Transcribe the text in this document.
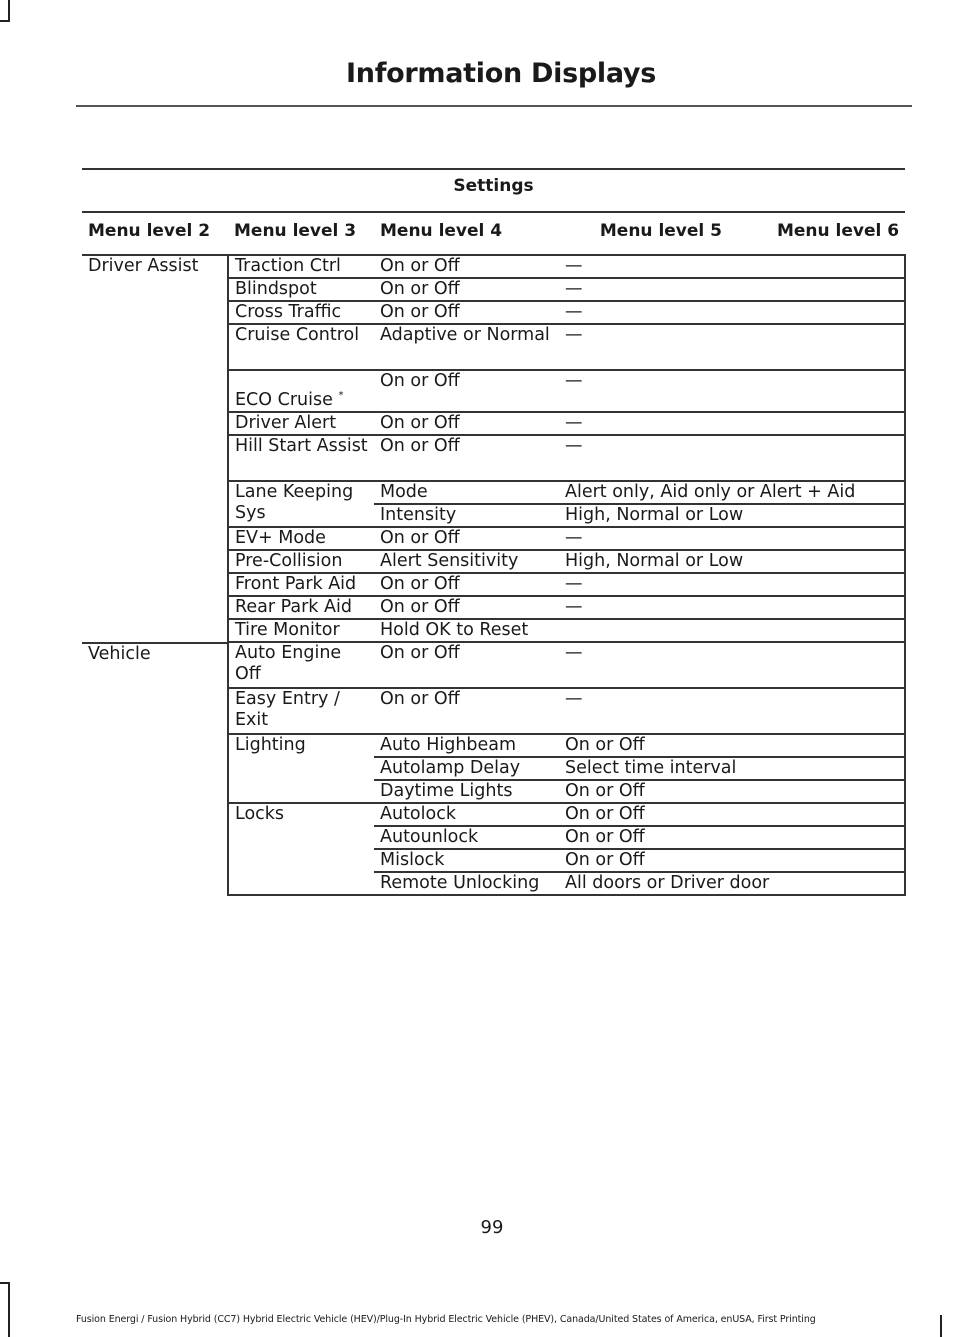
Information Displays
Settings				
Menu level 2	Menu level 3	Menu level 4	Menu level 5	Menu level 6
Driver Assist	Traction Ctrl	On or Off	—	
	Blindspot	On or Off	—	
	Cross Traffic	On or Off	—	
	Cruise Control	Adaptive or Normal	—	
	ECO Cruise *	On or Off	—	
	Driver Alert	On or Off	—	
	Hill Start Assist	On or Off	—	
	Lane Keeping Sys	Mode	Alert only, Aid only or Alert + Aid	
		Intensity	High, Normal or Low	
	EV+ Mode	On or Off	—	
	Pre-Collision	Alert Sensitivity	High, Normal or Low	
	Front Park Aid	On or Off	—	
	Rear Park Aid	On or Off	—	
	Tire Monitor	Hold OK to Reset		

Vehicle	Auto Engine Off	On or Off	—	
	Easy Entry / Exit	On or Off	—	
	Lighting	Auto Highbeam	On or Off	
		Autolamp Delay	Select time interval	
		Daytime Lights	On or Off	
	Locks	Autolock	On or Off	
		Autounlock	On or Off	
		Mislock	On or Off	
		Remote Unlocking	All doors or Driver door	
99
Fusion Energi / Fusion Hybrid (CC7) Hybrid Electric Vehicle (HEV)/Plug-In Hybrid Electric Vehicle (PHEV), Canada/United States of America, enUSA, First Printing
